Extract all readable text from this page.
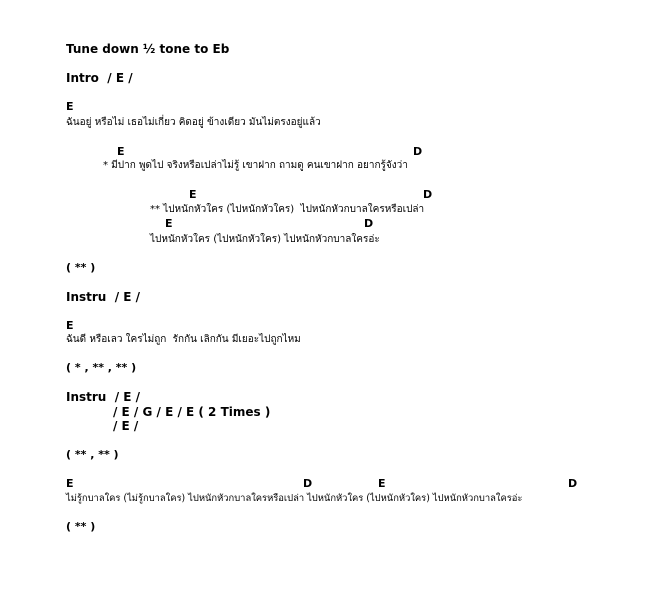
Tune down ½ tone to Eb
Intro  / E /
E
ฉันอยู่ หรือไม่ เธอไม่เกี่ยว คิดอยู่ ข้างเดียว มันไม่ตรงอยู่แล้ว
E	D
* มีปาก พูดไป จริงหรือเปล่าไม่รู้ เขาฝาก ถามดู คนเขาฝาก อยากรู้จังว่า
E	D
** ไปหนักหัวใคร (ไปหนักหัวใคร)  ไปหนักหัวกบาลใครหรือเปล่า
E	D
ไปหนักหัวใคร (ไปหนักหัวใคร) ไปหนักหัวกบาลใครอ่ะ
( ** )
Instru  / E /
E
ฉันดี หรือเลว ใครไม่ถูก  รักกัน เลิกกัน มีเยอะไปถูกไหม
( * , ** , ** )
Instru  / E /
/ E / G / E / E ( 2 Times )
/ E /
( ** , ** )
E	D	E	D
ไม่รู้กบาลใคร (ไม่รู้กบาลใคร) ไปหนักหัวกบาลใครหรือเปล่า ไปหนักหัวใคร (ไปหนักหัวใคร) ไปหนักหัวกบาลใครอ่ะ
( ** )
